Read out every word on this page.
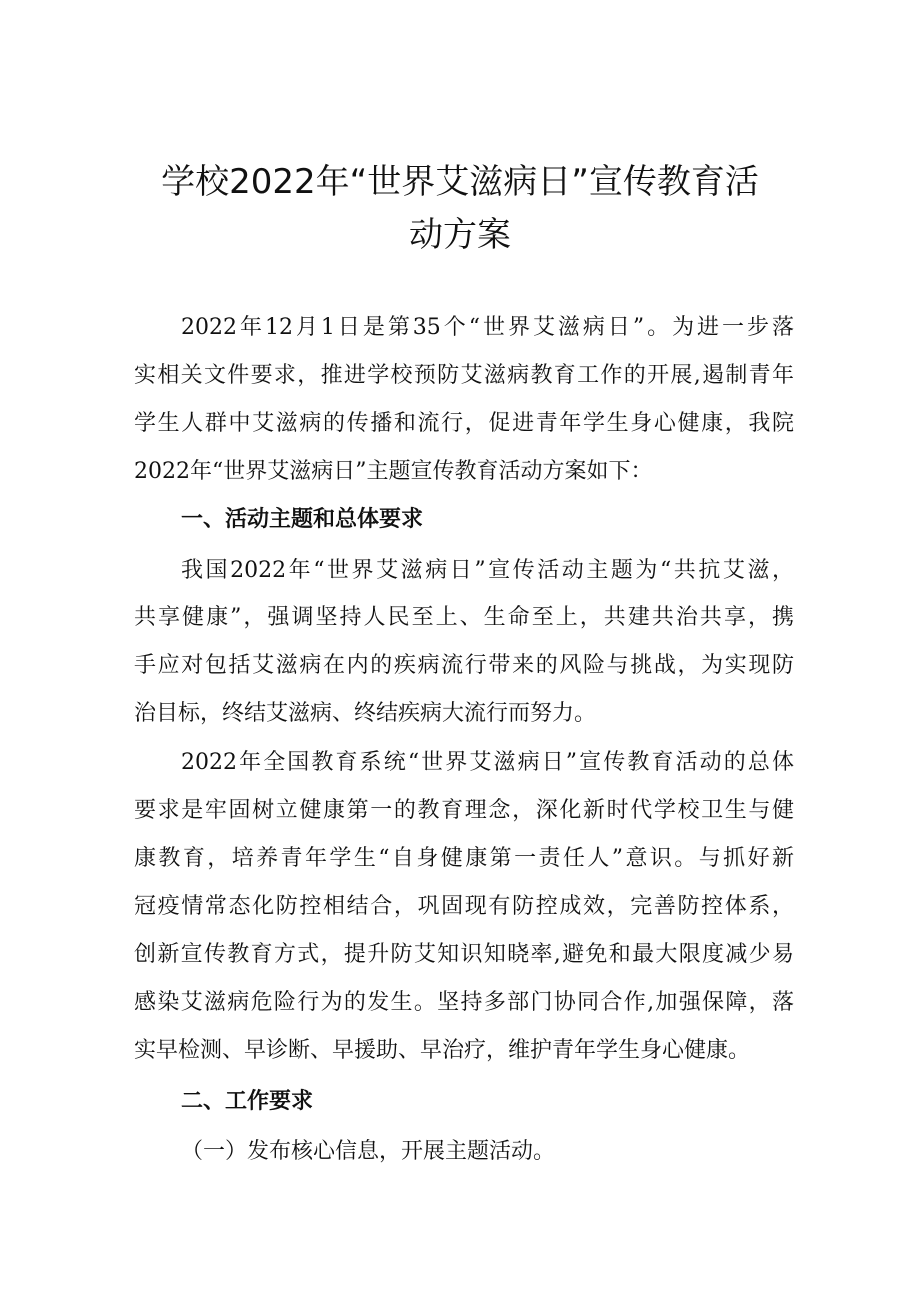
学校2022年“世界艾滋病日”宣传教育活
动方案

2022年12月1日是第35个“世界艾滋病日”。为进一步落

实相关文件要求，推进学校预防艾滋病教育工作的开展,遏制青年

学生人群中艾滋病的传播和流行，促进青年学生身心健康，我院

2022年“世界艾滋病日”主题宣传教育活动方案如下：

一、活动主题和总体要求

我国2022年“世界艾滋病日”宣传活动主题为“共抗艾滋，

共享健康”，强调坚持人民至上、生命至上，共建共治共享，携

手应对包括艾滋病在内的疾病流行带来的风险与挑战，为实现防

治目标，终结艾滋病、终结疾病大流行而努力。

2022年全国教育系统“世界艾滋病日”宣传教育活动的总体

要求是牢固树立健康第一的教育理念，深化新时代学校卫生与健

康教育，培养青年学生“自身健康第一责任人”意识。与抓好新

冠疫情常态化防控相结合，巩固现有防控成效，完善防控体系，

创新宣传教育方式，提升防艾知识知晓率,避免和最大限度减少易

感染艾滋病危险行为的发生。坚持多部门协同合作,加强保障，落

实早检测、早诊断、早援助、早治疗，维护青年学生身心健康。

二、工作要求

（一）发布核心信息，开展主题活动。
